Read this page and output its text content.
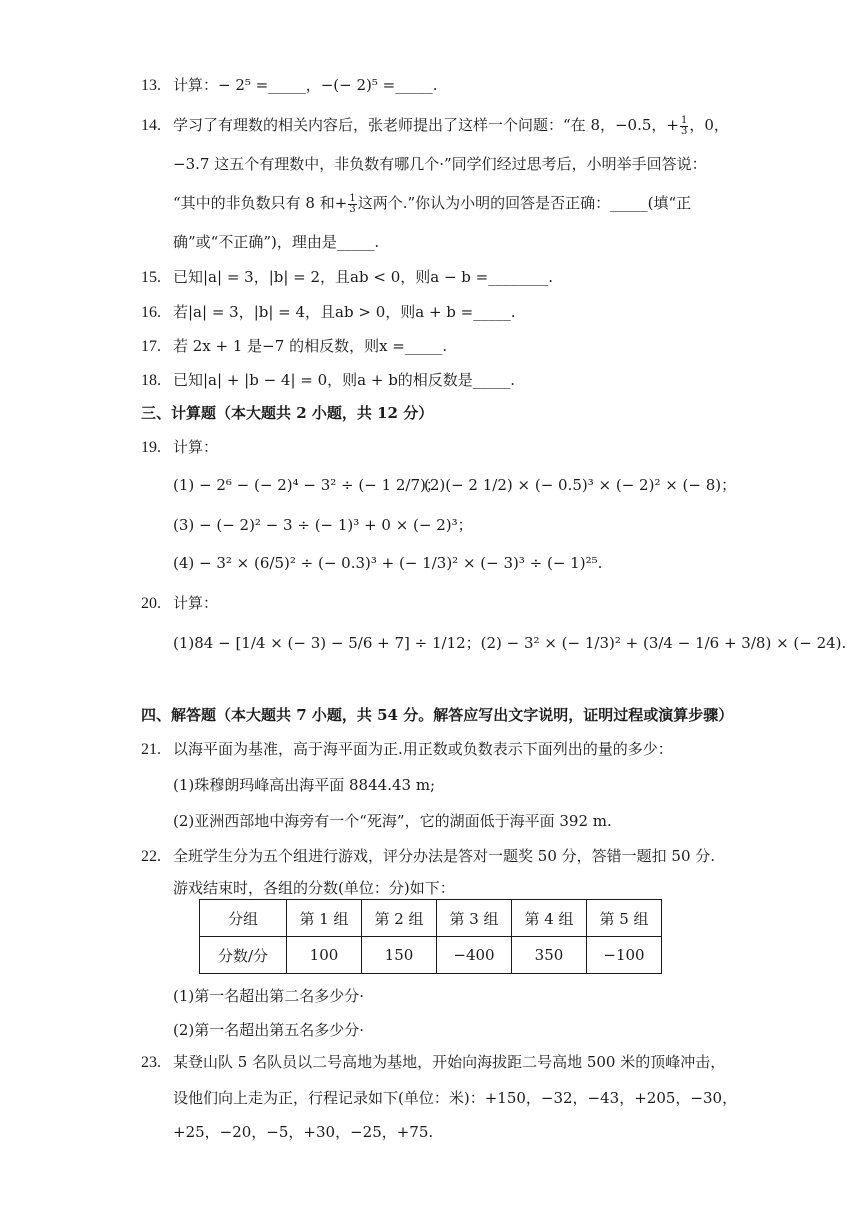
13. 计算：− 2⁵ =_____，−(− 2)⁵ =_____.
14. 学习了有理数的相关内容后，张老师提出了这样一个问题：“在 8，−0.5，+ $\frac{1}{3}$ ，0，
−3.7 这五个有理数中，非负数有哪几个·”同学们经过思考后，小明举手回答说：
“其中的非负数只有 8 和+ $\frac{1}{3}$ 这两个.”你认为小明的回答是否正确：_____(填“正
确”或“不正确”)，理由是_____.
15. 已知|a| = 3，|b| = 2，且ab < 0，则a − b =________.
16. 若|a| = 3，|b| = 4，且ab > 0，则a + b =_____.
17. 若 2x + 1 是−7 的相反数，则x =_____.
18. 已知|a| + |b − 4| = 0，则a + b的相反数是_____.
三、计算题（本大题共 2 小题，共 12 分）
19. 计算：
(1) − 2⁶ − (− 2)⁴ − 3² ÷ (− 1 2/7)；
(2)(− 2 1/2) × (− 0.5)³ × (− 2)² × (− 8)；
(3) − (− 2)² − 3 ÷ (− 1)³ + 0 × (− 2)³；
(4) − 3² × (6/5)² ÷ (− 0.3)³ + (− 1/3)² × (− 3)³ ÷ (− 1)²⁵.
20. 计算：
(1)84 − [1/4 × (− 3) − 5/6 + 7] ÷ 1/12；(2) − 3² × (− 1/3)² + (3/4 − 1/6 + 3/8) × (− 24).
四、解答题（本大题共 7 小题，共 54 分。解答应写出文字说明，证明过程或演算步骤）
21. 以海平面为基准，高于海平面为正.用正数或负数表示下面列出的量的多少：
(1)珠穆朗玛峰高出海平面 8844.43 m;
(2)亚洲西部地中海旁有一个“死海”，它的湖面低于海平面 392 m.
22. 全班学生分为五个组进行游戏，评分办法是答对一题奖 50 分，答错一题扣 50 分.
游戏结束时，各组的分数(单位：分)如下：
分组	第 1 组	第 2 组	第 3 组	第 4 组	第 5 组
分数/分	100	150	−400	350	−100
(1)第一名超出第二名多少分·
(2)第一名超出第五名多少分·
23. 某登山队 5 名队员以二号高地为基地，开始向海拔距二号高地 500 米的顶峰冲击，
设他们向上走为正，行程记录如下(单位：米)：+150，−32，−43，+205，−30，
+25，−20，−5，+30，−25，+75.
